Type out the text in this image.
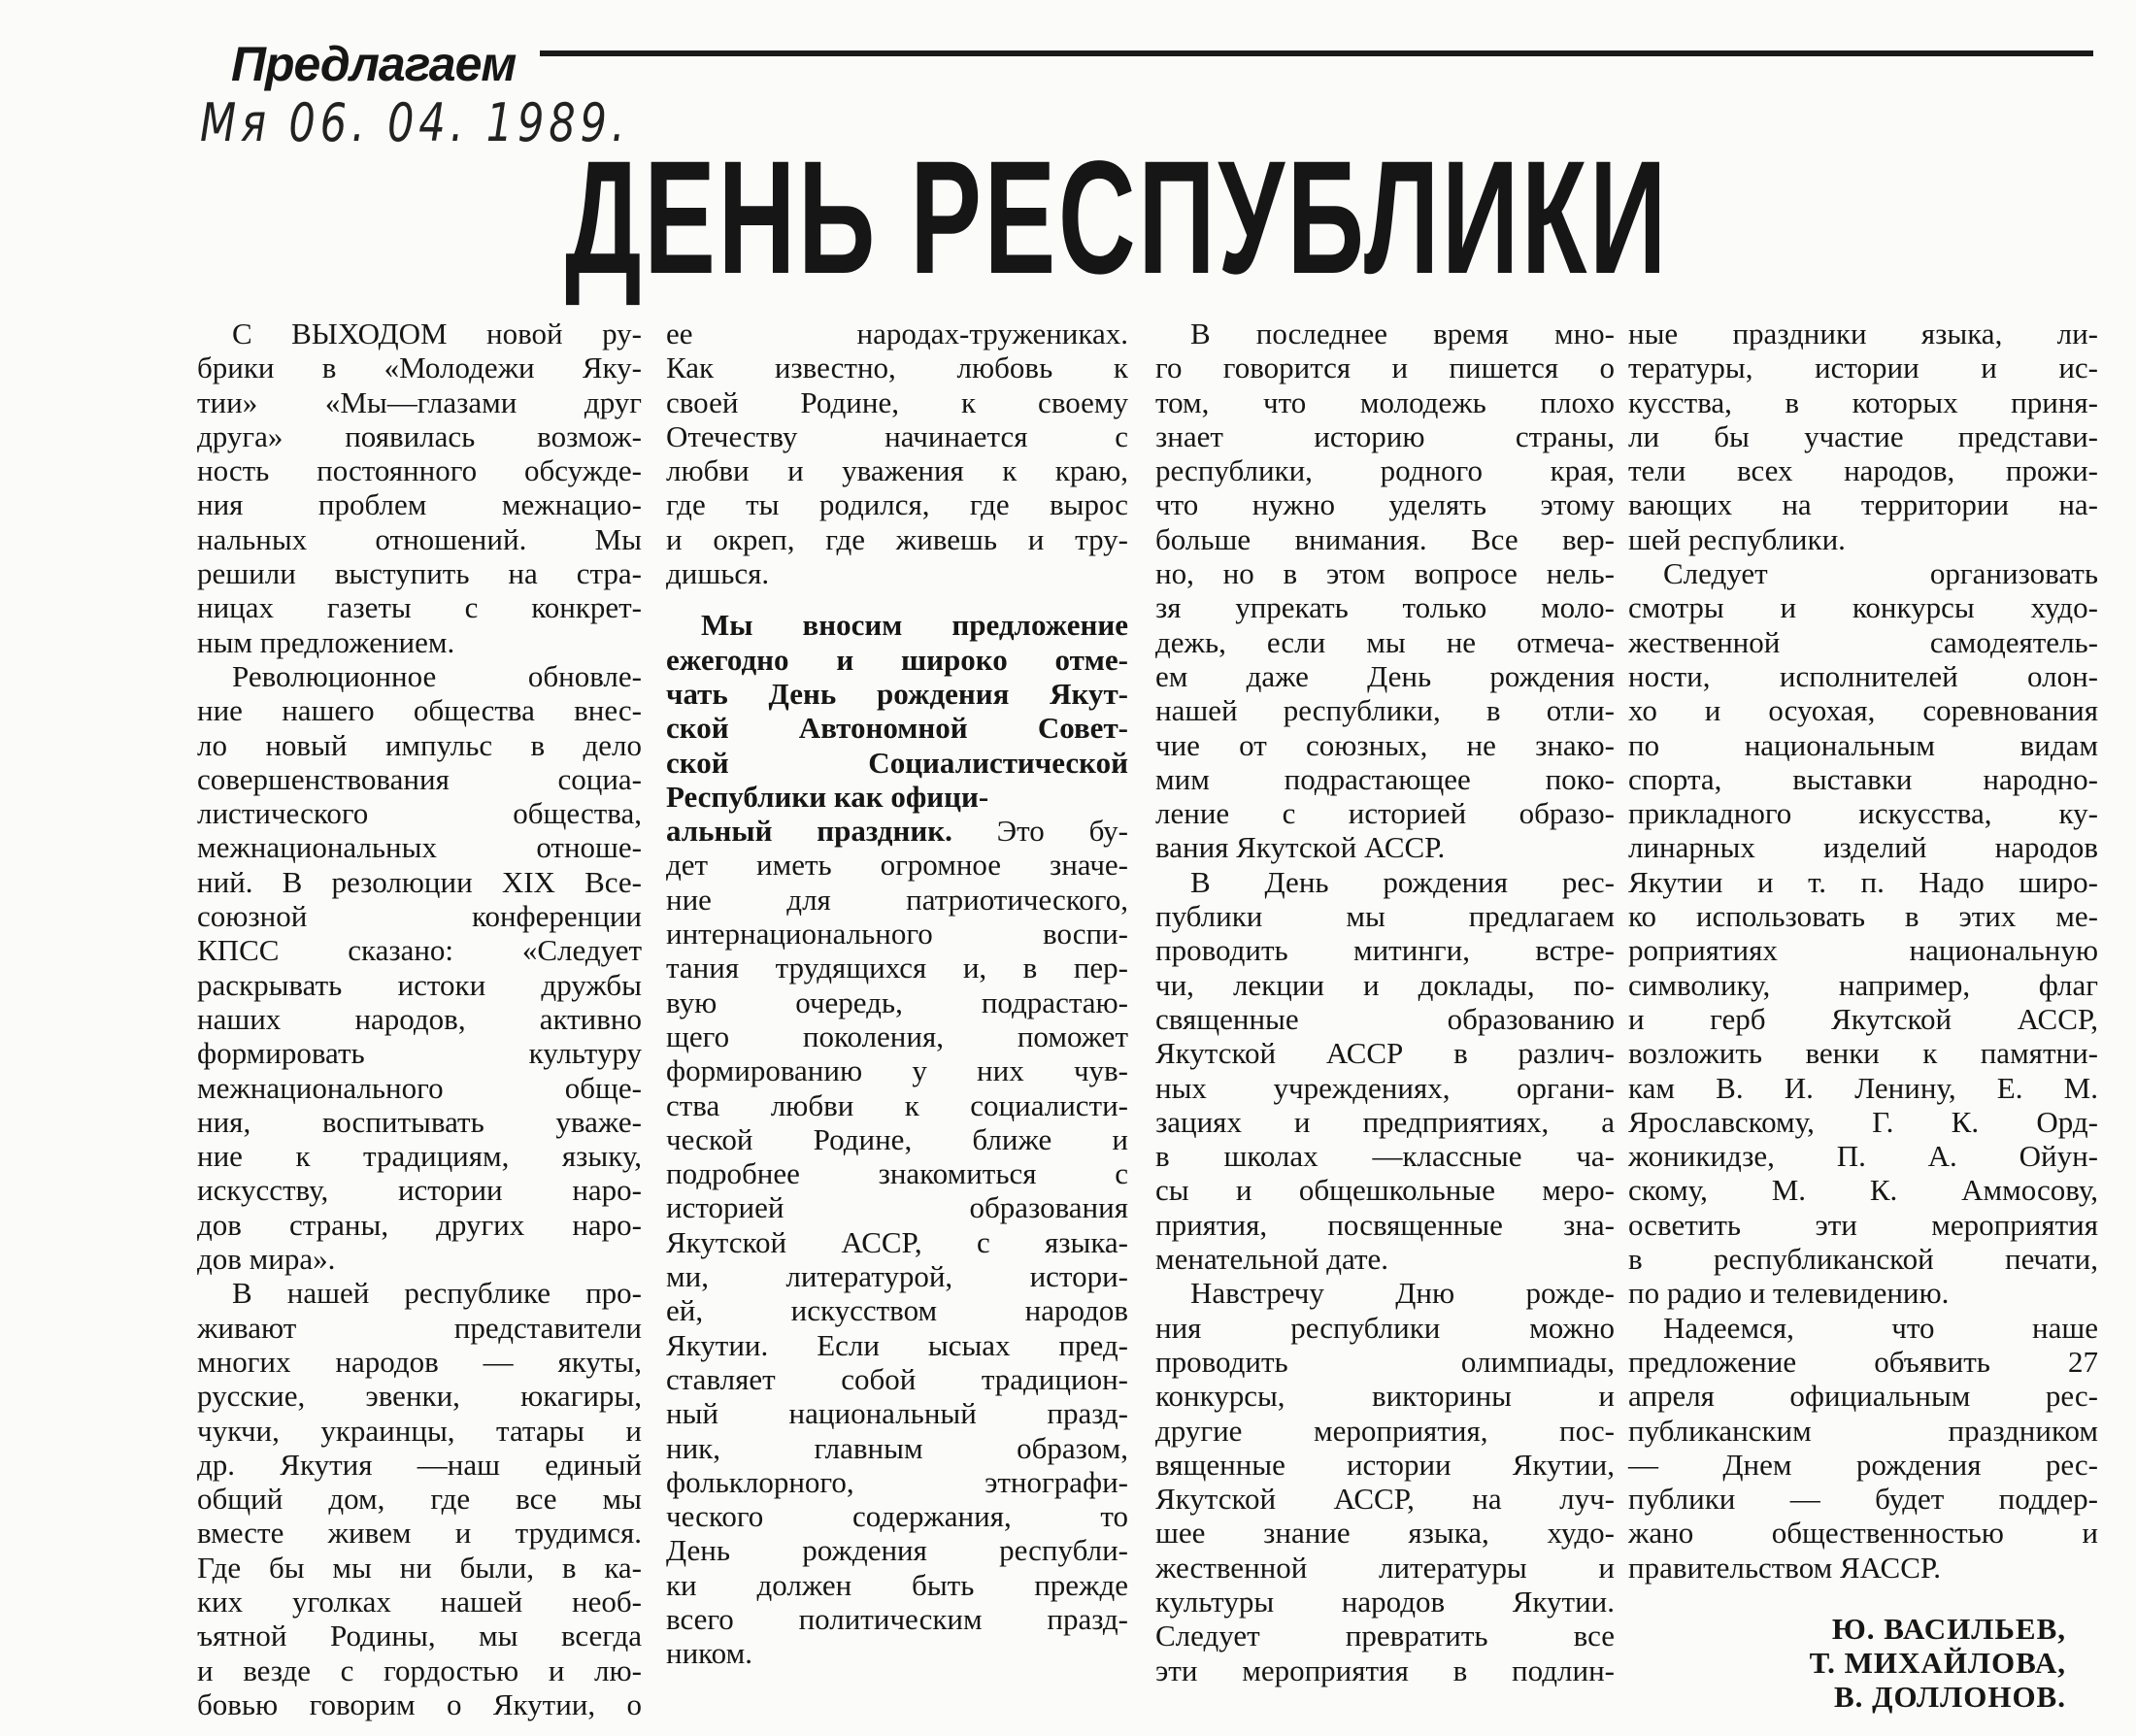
Предлагаем
Мя 06. 04. 1989.
ДЕНЬ РЕСПУБЛИКИ
С ВЫХОДОМ новой ру-
брики в «Молодежи Яку-
тии» «Мы—глазами друг
друга» появилась возмож-
ность постоянного обсужде-
ния проблем межнацио-
нальных отношений. Мы
решили выступить на стра-
ницах газеты с конкрет-
ным предложением.
Революционное обновле-
ние нашего общества внес-
ло новый импульс в дело
совершенствования социа-
листического общества,
межнациональных отноше-
ний. В резолюции XIX Все-
союзной конференции
КПСС сказано: «Следует
раскрывать истоки дружбы
наших народов, активно
формировать культуру
межнационального обще-
ния, воспитывать уваже-
ние к традициям, языку,
искусству, истории наро-
дов страны, других наро-
дов мира».
В нашей республике про-
живают представители
многих народов — якуты,
русские, эвенки, юкагиры,
чукчи, украинцы, татары и
др. Якутия —наш единый
общий дом, где все мы
вместе живем и трудимся.
Где бы мы ни были, в ка-
ких уголках нашей необ-
ъятной Родины, мы всегда
и везде с гордостью и лю-
бовью говорим о Якутии, о
ее народах-тружениках.
Как известно, любовь к
своей Родине, к своему
Отечеству начинается с
любви и уважения к краю,
где ты родился, где вырос
и окреп, где живешь и тру-
дишься.
Мы вносим предложение
ежегодно и широко отме-
чать День рождения Якут-
ской Автономной Совет-
ской Социалистической
Республики как офици-
альный праздник. Это бу-
дет иметь огромное значе-
ние для патриотического,
интернационального воспи-
тания трудящихся и, в пер-
вую очередь, подрастаю-
щего поколения, поможет
формированию у них чув-
ства любви к социалисти-
ческой Родине, ближе и
подробнее знакомиться с
историей образования
Якутской АССР, с языка-
ми, литературой, истори-
ей, искусством народов
Якутии. Если ысыах пред-
ставляет собой традицион-
ный национальный празд-
ник, главным образом,
фольклорного, этнографи-
ческого содержания, то
День рождения республи-
ки должен быть прежде
всего политическим празд-
ником.
В последнее время мно-
го говорится и пишется о
том, что молодежь плохо
знает историю страны,
республики, родного края,
что нужно уделять этому
больше внимания. Все вер-
но, но в этом вопросе нель-
зя упрекать только моло-
дежь, если мы не отмеча-
ем даже День рождения
нашей республики, в отли-
чие от союзных, не знако-
мим подрастающее поко-
ление с историей образо-
вания Якутской АССР.
В День рождения рес-
публики мы предлагаем
проводить митинги, встре-
чи, лекции и доклады, по-
священные образованию
Якутской АССР в различ-
ных учреждениях, органи-
зациях и предприятиях, а
в школах —классные ча-
сы и общешкольные меро-
приятия, посвященные зна-
менательной дате.
Навстречу Дню рожде-
ния республики можно
проводить олимпиады,
конкурсы, викторины и
другие мероприятия, пос-
вященные истории Якутии,
Якутской АССР, на луч-
шее знание языка, худо-
жественной литературы и
культуры народов Якутии.
Следует превратить все
эти мероприятия в подлин-
ные праздники языка, ли-
тературы, истории и ис-
кусства, в которых приня-
ли бы участие представи-
тели всех народов, прожи-
вающих на территории на-
шей республики.
Следует организовать
смотры и конкурсы худо-
жественной самодеятель-
ности, исполнителей олон-
хо и осуохая, соревнования
по национальным видам
спорта, выставки народно-
прикладного искусства, ку-
линарных изделий народов
Якутии и т. п. Надо широ-
ко использовать в этих ме-
роприятиях национальную
символику, например, флаг
и герб Якутской АССР,
возложить венки к памятни-
кам В. И. Ленину, Е. М.
Ярославскому, Г. К. Орд-
жоникидзе, П. А. Ойун-
скому, М. К. Аммосову,
осветить эти мероприятия
в республиканской печати,
по радио и телевидению.
Надеемся, что наше
предложение объявить 27
апреля официальным рес-
публиканским праздником
— Днем рождения рес-
публики — будет поддер-
жано общественностью и
правительством ЯАССР.
Ю. ВАСИЛЬЕВ,
Т. МИХАЙЛОВА,
В. ДОЛЛОНОВ.
